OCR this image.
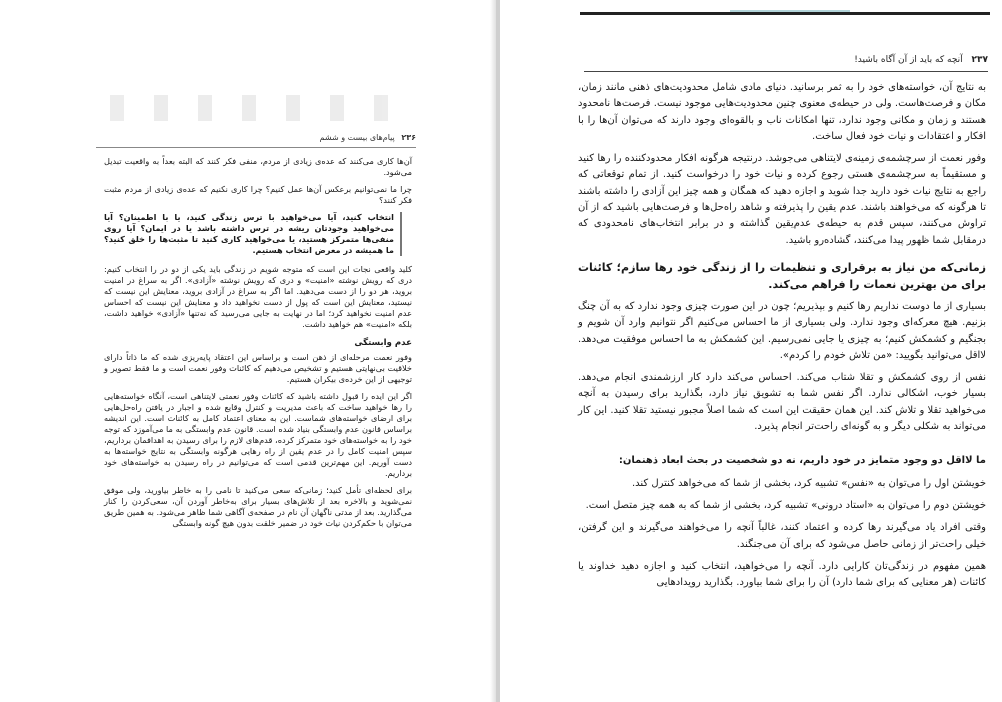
۲۳۶ پیام‌های بیست و ششم

آن‌ها کاری می‌کنند که عده‌ی زیادی از مردم، منفی فکر کنند که البته بعداً به واقعیت تبدیل می‌شود.

چرا ما نمی‌توانیم برعکس آن‌ها عمل کنیم؟ چرا کاری نکنیم که عده‌ی زیادی از مردم مثبت فکر کنند؟

انتخاب کنید، آیا می‌خواهید با ترس زندگی کنید، یا با اطمینان؟ آیا می‌خواهید وجودتان ریشه در ترس داشته باشد یا در ایمان؟ آیا روی منفی‌ها متمرکز هستید، یا می‌خواهید کاری کنید تا مثبت‌ها را خلق کنید؟ ما همیشه در معرض انتخاب هستیم.

کلید واقعی نجات این است که متوجه شویم در زندگی باید یکی از دو در را انتخاب کنیم: دری که رویش نوشته «امنیت» و دری که رویش نوشته «آزادی». اگر به سراغ در امنیت بروید، هر دو را از دست می‌دهید. اما اگر به سراغ در آزادی بروید، معنایش این نیست که نیستید، معنایش این است که پول از دست نخواهید داد و معنایش این نیست که احساس عدم امنیت نخواهید کرد؛ اما در نهایت به جایی می‌رسید که نه‌تنها «آزادی» خواهید داشت، بلکه «امنیت» هم خواهید داشت.

عدم وابستگی

وفور نعمت مرحله‌ای از ذهن است و براساس این اعتقاد پایه‌ریزی شده که ما ذاتاً دارای خلاقیت بی‌نهایتی هستیم و تشخیص می‌دهیم که کائنات وفور نعمت است و ما فقط تصویر و توجیهی از این خرده‌ی بیکران هستیم.

اگر این ایده را قبول داشته باشید که کائنات وفور نعمتی لایتناهی است، آنگاه خواسته‌هایی را رها خواهید ساخت که باعث مدیریت و کنترل وقایع شده و اجبار در یافتن راه‌حل‌هایی برای ارضای خواسته‌های شماست. این به معنای اعتماد کامل به کائنات است. این اندیشه براساس قانون عدم وابستگی بنیاد شده است. قانون عدم وابستگی به ما می‌آموزد که توجه خود را به خواسته‌های خود متمرکز کرده، قدم‌های لازم را برای رسیدن به اهدافمان برداریم، سپس امنیت کامل را در عدم یقین از راه رهایی هرگونه وابستگی به نتایج خواسته‌ها به دست آوریم. این مهم‌ترین قدمی است که می‌توانیم در راه رسیدن به خواسته‌های خود برداریم.

برای لحظه‌ای تأمل کنید؛ زمانی‌که سعی می‌کنید تا نامی را به خاطر بیاورید، ولی موفق نمی‌شوید و بالاخره بعد از تلاش‌های بسیار برای به‌خاطر آوردن آن، سعی‌کردن را کنار می‌گذارید. بعد از مدتی ناگهان آن نام در صفحه‌ی آگاهی شما ظاهر می‌شود. به همین طریق می‌توان با حکم‌کردن نیات خود در ضمیر خلقت بدون هیچ گونه وابستگی

۲۳۷ آنچه که باید از آن آگاه باشید!

به نتایج آن، خواسته‌های خود را به ثمر برسانید. دنیای مادی شامل محدودیت‌های ذهنی مانند زمان، مکان و فرصت‌هاست. ولی در حیطه‌ی معنوی چنین محدودیت‌هایی موجود نیست. فرصت‌ها نامحدود هستند و زمان و مکانی وجود ندارد، تنها امکانات ناب و بالقوه‌ای وجود دارند که می‌توان آن‌ها را با افکار و اعتقادات و نیات خود فعال ساخت.

وفور نعمت از سرچشمه‌ی زمینه‌ی لایتناهی می‌جوشد. درنتیجه هرگونه افکار محدودکننده را رها کنید و مستقیماً به سرچشمه‌ی هستی رجوع کرده و نیات خود را درخواست کنید. از تمام توقعاتی که راجع به نتایج نیات خود دارید جدا شوید و اجازه دهید که همگان و همه چیز این آزادی را داشته باشند تا هرگونه که می‌خواهند باشند. عدم یقین را پذیرفته و شاهد راه‌حل‌ها و فرصت‌هایی باشید که از آن تراوش می‌کنند، سپس قدم به حیطه‌ی عدم‌یقین گذاشته و در برابر انتخاب‌های نامحدودی که درمقابل شما ظهور پیدا می‌کنند، گشاده‌رو باشید.

زمانی‌که من نیاز به برقراری و تنظیمات را از زندگی خود رها سازم؛ کائنات برای من بهترین نعمات را فراهم می‌کند.

بسیاری از ما دوست نداریم رها کنیم و بپذیریم؛ چون در این صورت چیزی وجود ندارد که به آن چنگ بزنیم. هیچ معرکه‌ای وجود ندارد. ولی بسیاری از ما احساس می‌کنیم اگر نتوانیم وارد آن شویم و بجنگیم و کشمکش کنیم؛ به چیزی یا جایی نمی‌رسیم. این کشمکش به ما احساس موفقیت می‌دهد. لااقل می‌توانید بگویید: «من تلاش خودم را کردم».

نفس از روی کشمکش و تقلا شتاب می‌کند. احساس می‌کند دارد کار ارزشمندی انجام می‌دهد. بسیار خوب، اشکالی ندارد. اگر نفس شما به تشویق نیاز دارد، بگذارید برای رسیدن به آنچه می‌خواهید تقلا و تلاش کند. این همان حقیقت این است که شما اصلاً مجبور نیستید تقلا کنید. این کار می‌تواند به شکلی دیگر و به گونه‌ای راحت‌تر انجام پذیرد.

ما لااقل دو وجود متمایز در خود داریم، نه دو شخصیت در بحث ابعاد ذهنمان:

خویشتن اول را می‌توان به «نفس» تشبیه کرد، بخشی از شما که می‌خواهد کنترل کند.

خویشتن دوم را می‌توان به «استاد درونی» تشبیه کرد، بخشی از شما که به همه چیز متصل است.

وقتی افراد یاد می‌گیرند رها کرده و اعتماد کنند، غالباً آنچه را می‌خواهند می‌گیرند و این گرفتن، خیلی راحت‌تر از زمانی حاصل می‌شود که برای آن می‌جنگند.

همین مفهوم در زندگی‌تان کارایی دارد. آنچه را می‌خواهید، انتخاب کنید و اجازه دهید خداوند یا کائنات (هر معنایی که برای شما دارد) آن را برای شما بیاورد. بگذارید رویدادهایی
